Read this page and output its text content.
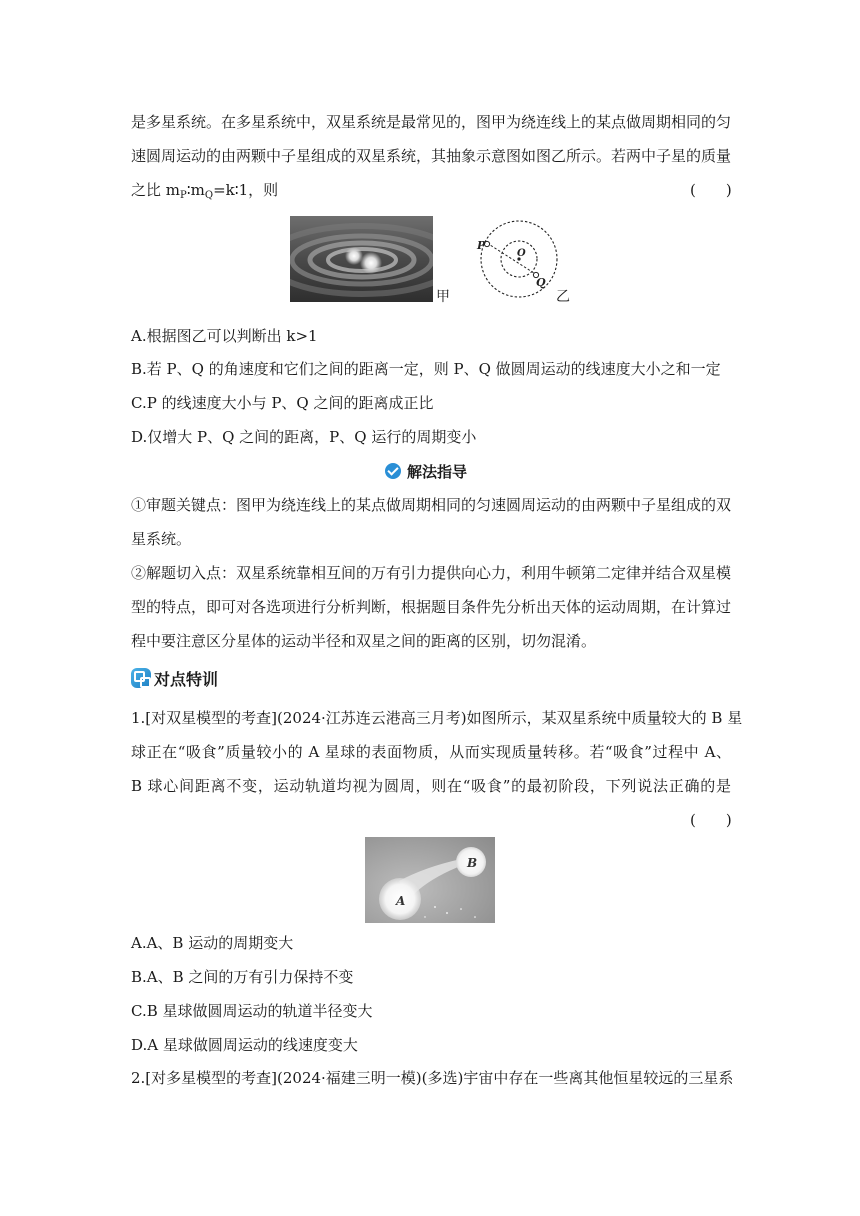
是多星系统。在多星系统中，双星系统是最常见的，图甲为绕连线上的某点做周期相同的匀
速圆周运动的由两颗中子星组成的双星系统，其抽象示意图如图乙所示。若两中子星的质量
之比 $m_P∶m_Q=k∶1$，则	(　　)
甲
P
O
Q
乙
A.根据图乙可以判断出 k>1
B.若 P、Q 的角速度和它们之间的距离一定，则 P、Q 做圆周运动的线速度大小之和一定
C.P 的线速度大小与 P、Q 之间的距离成正比
D.仅增大 P、Q 之间的距离，P、Q 运行的周期变小
解法指导
①审题关键点：图甲为绕连线上的某点做周期相同的匀速圆周运动的由两颗中子星组成的双
星系统。
②解题切入点：双星系统靠相互间的万有引力提供向心力，利用牛顿第二定律并结合双星模
型的特点，即可对各选项进行分析判断，根据题目条件先分析出天体的运动周期，在计算过
程中要注意区分星体的运动半径和双星之间的距离的区别，切勿混淆。
对点特训
1.[对双星模型的考查](2024·江苏连云港高三月考)如图所示，某双星系统中质量较大的 B 星
球正在“吸食”质量较小的 A 星球的表面物质，从而实现质量转移。若“吸食”过程中 A、
B 球心间距离不变，运动轨道均视为圆周，则在“吸食”的最初阶段，下列说法正确的是
(　　)
B
A
A.A、B 运动的周期变大
B.A、B 之间的万有引力保持不变
C.B 星球做圆周运动的轨道半径变大
D.A 星球做圆周运动的线速度变大
2.[对多星模型的考查](2024·福建三明一模)(多选)宇宙中存在一些离其他恒星较远的三星系
